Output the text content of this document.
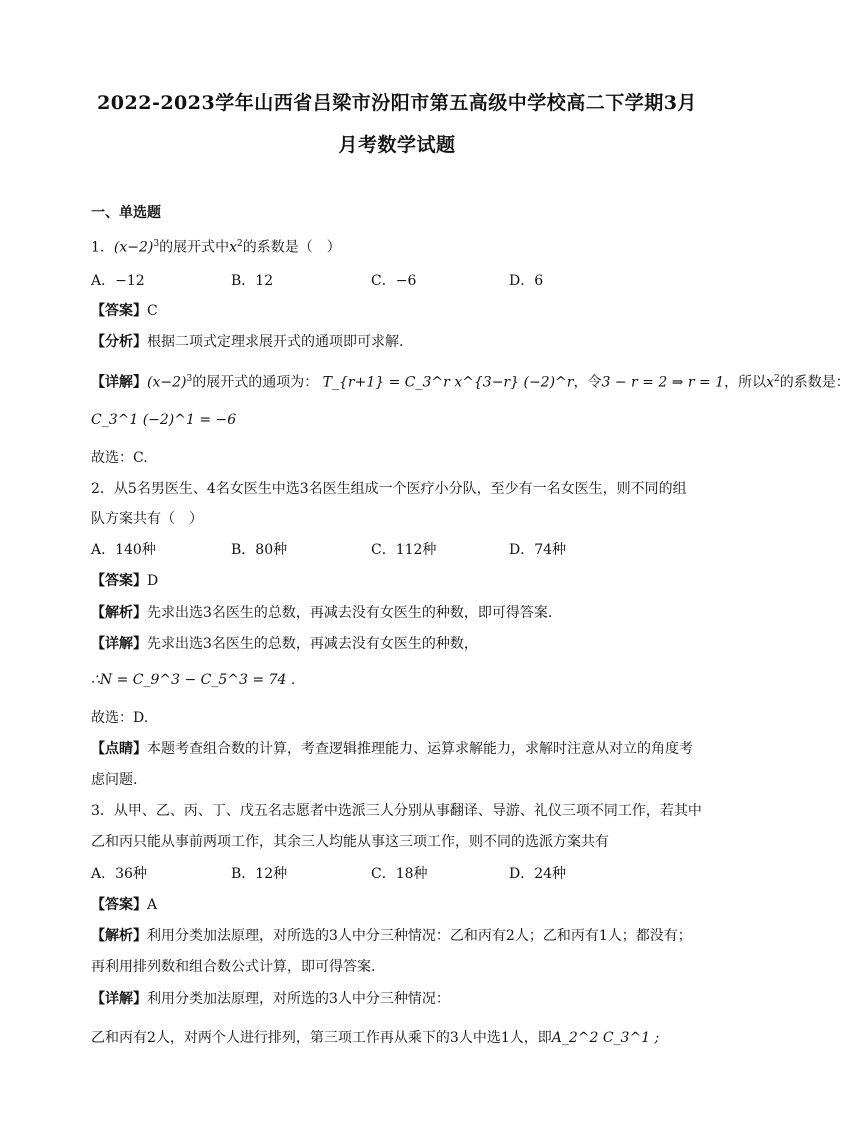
2022-2023学年山西省吕梁市汾阳市第五高级中学校高二下学期3月
月考数学试题
一、单选题
1．$(x-2)^3$的展开式中$x^2$的系数是（　）
A．−12	B．12	C．−6	D．6
【答案】C
【分析】根据二项式定理求展开式的通项即可求解.
【详解】$(x-2)^3$的展开式的通项为： T_{r+1} = C_3^r x^{3−r} (−2)^r，令3 − r = 2 ⇒ r = 1，所以$x^2$的系数是：
C_3^1 (−2)^1 = −6
故选：C.
2．从5名男医生、4名女医生中选3名医生组成一个医疗小分队，至少有一名女医生，则不同的组
队方案共有（　）
A．140种	B．80种	C．112种	D．74种
【答案】D
【解析】先求出选3名医生的总数，再减去没有女医生的种数，即可得答案.
【详解】先求出选3名医生的总数，再减去没有女医生的种数，
∴N = C_9^3 − C_5^3 = 74 .
故选：D.
【点睛】本题考查组合数的计算，考查逻辑推理能力、运算求解能力，求解时注意从对立的角度考
虑问题.
3．从甲、乙、丙、丁、戊五名志愿者中选派三人分别从事翻译、导游、礼仪三项不同工作，若其中
乙和丙只能从事前两项工作，其余三人均能从事这三项工作，则不同的选派方案共有
A．36种	B．12种	C．18种	D．24种
【答案】A
【解析】利用分类加法原理，对所选的3人中分三种情况：乙和丙有2人；乙和丙有1人；都没有；
再利用排列数和组合数公式计算，即可得答案.
【详解】利用分类加法原理，对所选的3人中分三种情况：
乙和丙有2人，对两个人进行排列，第三项工作再从乘下的3人中选1人，即A_2^2 C_3^1 ;
